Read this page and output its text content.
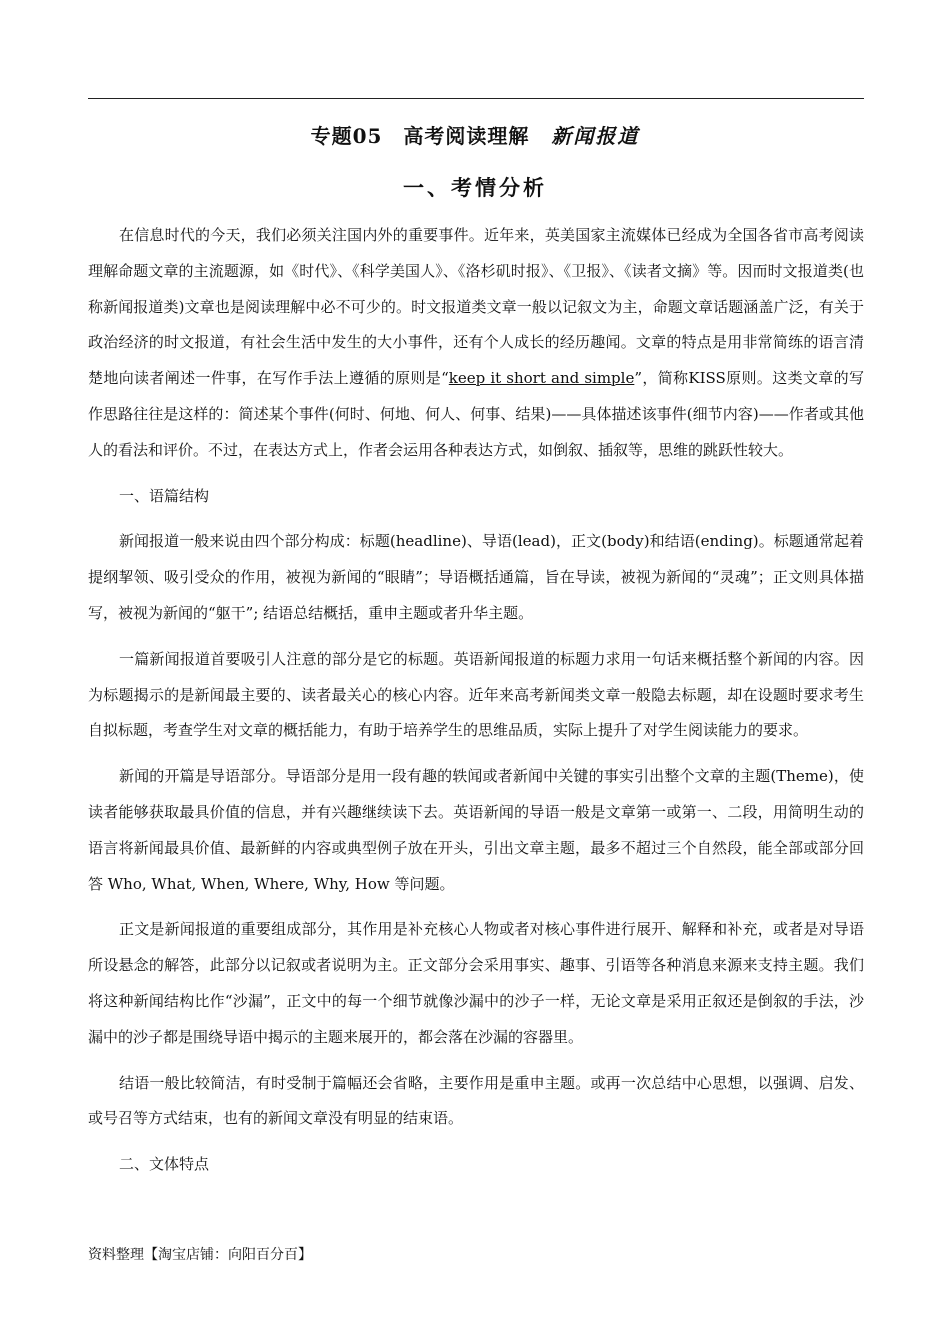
专题05　高考阅读理解 新闻报道
一、考情分析

在信息时代的今天，我们必须关注国内外的重要事件。近年来，英美国家主流媒体已经成为全国各省市高考阅读理解命题文章的主流题源，如《时代》、《科学美国人》、《洛杉矶时报》、《卫报》、《读者文摘》等。因而时文报道类(也称新闻报道类)文章也是阅读理解中必不可少的。时文报道类文章一般以记叙文为主，命题文章话题涵盖广泛，有关于政治经济的时文报道，有社会生活中发生的大小事件，还有个人成长的经历趣闻。文章的特点是用非常简练的语言清楚地向读者阐述一件事，在写作手法上遵循的原则是“keep it short and simple”，简称KISS原则。这类文章的写作思路往往是这样的：简述某个事件(何时、何地、何人、何事、结果)——具体描述该事件(细节内容)——作者或其他人的看法和评价。不过，在表达方式上，作者会运用各种表达方式，如倒叙、插叙等，思维的跳跃性较大。

一、语篇结构

新闻报道一般来说由四个部分构成：标题(headline)、导语(lead)，正文(body)和结语(ending)。标题通常起着提纲挈领、吸引受众的作用，被视为新闻的“眼睛”；导语概括通篇，旨在导读，被视为新闻的“灵魂”；正文则具体描写，被视为新闻的“躯干”; 结语总结概括，重申主题或者升华主题。

一篇新闻报道首要吸引人注意的部分是它的标题。英语新闻报道的标题力求用一句话来概括整个新闻的内容。因为标题揭示的是新闻最主要的、读者最关心的核心内容。近年来高考新闻类文章一般隐去标题，却在设题时要求考生自拟标题，考查学生对文章的概括能力，有助于培养学生的思维品质，实际上提升了对学生阅读能力的要求。

新闻的开篇是导语部分。导语部分是用一段有趣的轶闻或者新闻中关键的事实引出整个文章的主题(Theme)，使读者能够获取最具价值的信息，并有兴趣继续读下去。英语新闻的导语一般是文章第一或第一、二段，用简明生动的语言将新闻最具价值、最新鲜的内容或典型例子放在开头，引出文章主题，最多不超过三个自然段，能全部或部分回答 Who, What, When, Where, Why, How 等问题。

正文是新闻报道的重要组成部分，其作用是补充核心人物或者对核心事件进行展开、解释和补充，或者是对导语所设悬念的解答，此部分以记叙或者说明为主。正文部分会采用事实、趣事、引语等各种消息来源来支持主题。我们将这种新闻结构比作“沙漏”，正文中的每一个细节就像沙漏中的沙子一样，无论文章是采用正叙还是倒叙的手法，沙漏中的沙子都是围绕导语中揭示的主题来展开的，都会落在沙漏的容器里。

结语一般比较简洁，有时受制于篇幅还会省略，主要作用是重申主题。或再一次总结中心思想，以强调、启发、或号召等方式结束，也有的新闻文章没有明显的结束语。

二、文体特点

资料整理【淘宝店铺：向阳百分百】
